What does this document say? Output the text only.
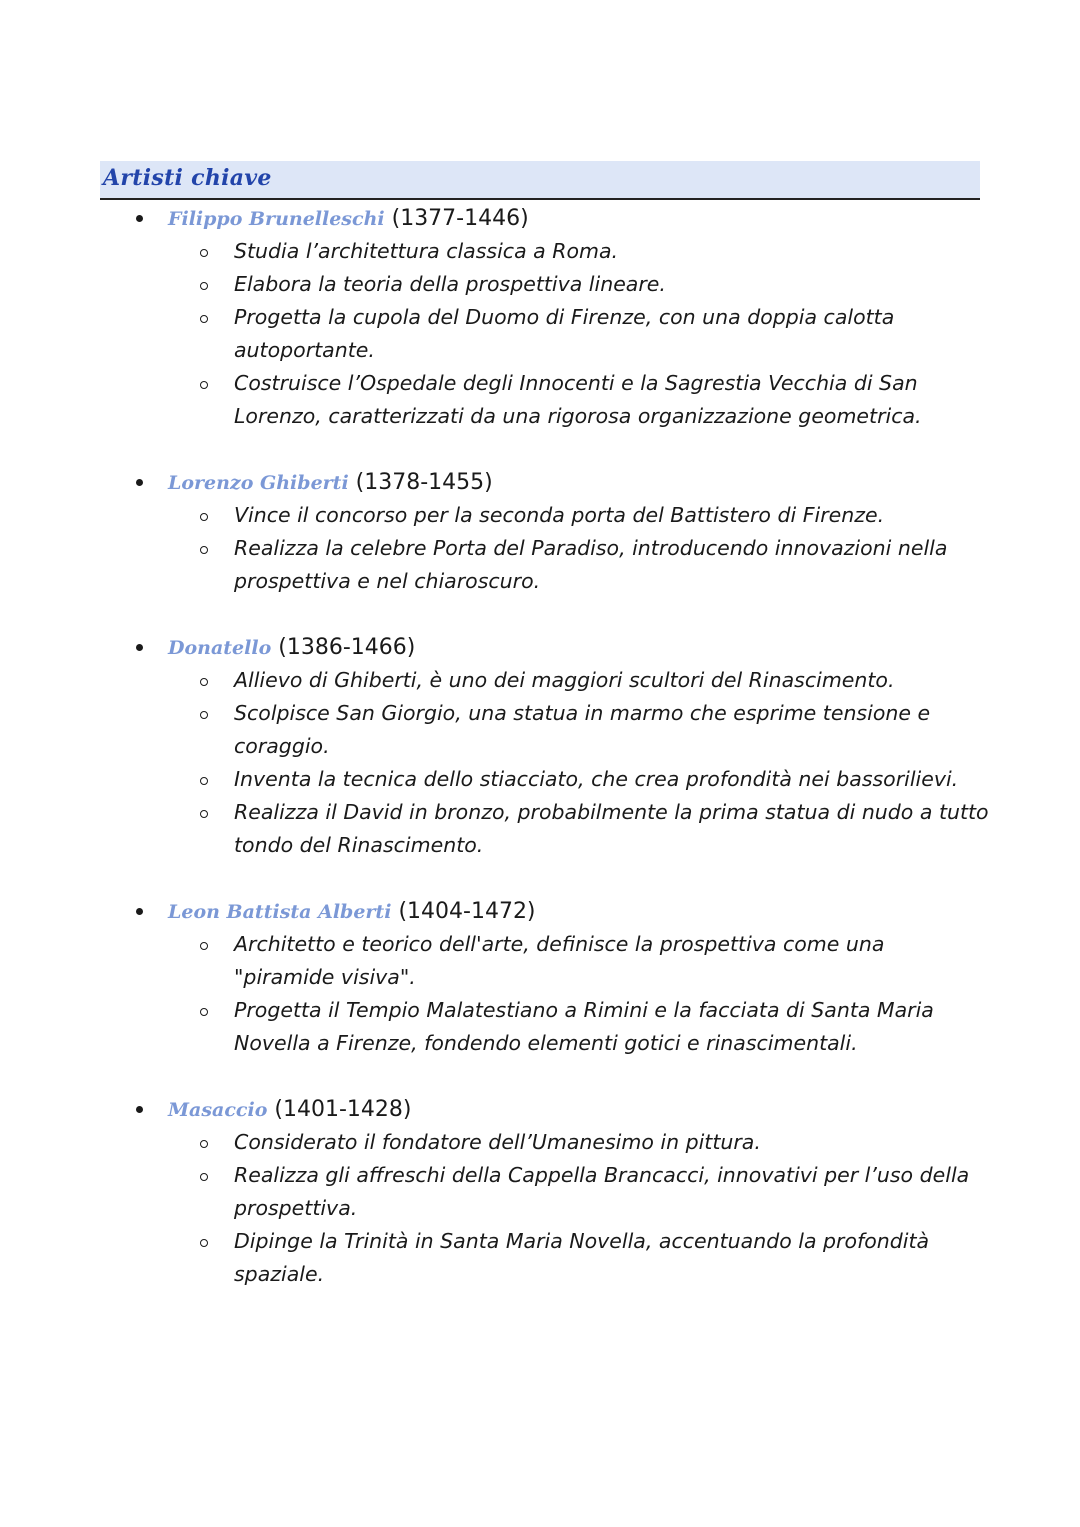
Artisti chiave
Filippo Brunelleschi (1377-1446)
Studia l’architettura classica a Roma.
Elabora la teoria della prospettiva lineare.
Progetta la cupola del Duomo di Firenze, con una doppia calotta autoportante.
Costruisce l’Ospedale degli Innocenti e la Sagrestia Vecchia di San Lorenzo, caratterizzati da una rigorosa organizzazione geometrica.
Lorenzo Ghiberti (1378-1455)
Vince il concorso per la seconda porta del Battistero di Firenze.
Realizza la celebre Porta del Paradiso, introducendo innovazioni nella prospettiva e nel chiaroscuro.
Donatello (1386-1466)
Allievo di Ghiberti, è uno dei maggiori scultori del Rinascimento.
Scolpisce San Giorgio, una statua in marmo che esprime tensione e coraggio.
Inventa la tecnica dello stiacciato, che crea profondità nei bassorilievi.
Realizza il David in bronzo, probabilmente la prima statua di nudo a tutto tondo del Rinascimento.
Leon Battista Alberti (1404-1472)
Architetto e teorico dell'arte, definisce la prospettiva come una "piramide visiva".
Progetta il Tempio Malatestiano a Rimini e la facciata di Santa Maria Novella a Firenze, fondendo elementi gotici e rinascimentali.
Masaccio (1401-1428)
Considerato il fondatore dell’Umanesimo in pittura.
Realizza gli affreschi della Cappella Brancacci, innovativi per l’uso della prospettiva.
Dipinge la Trinità in Santa Maria Novella, accentuando la profondità spaziale.
